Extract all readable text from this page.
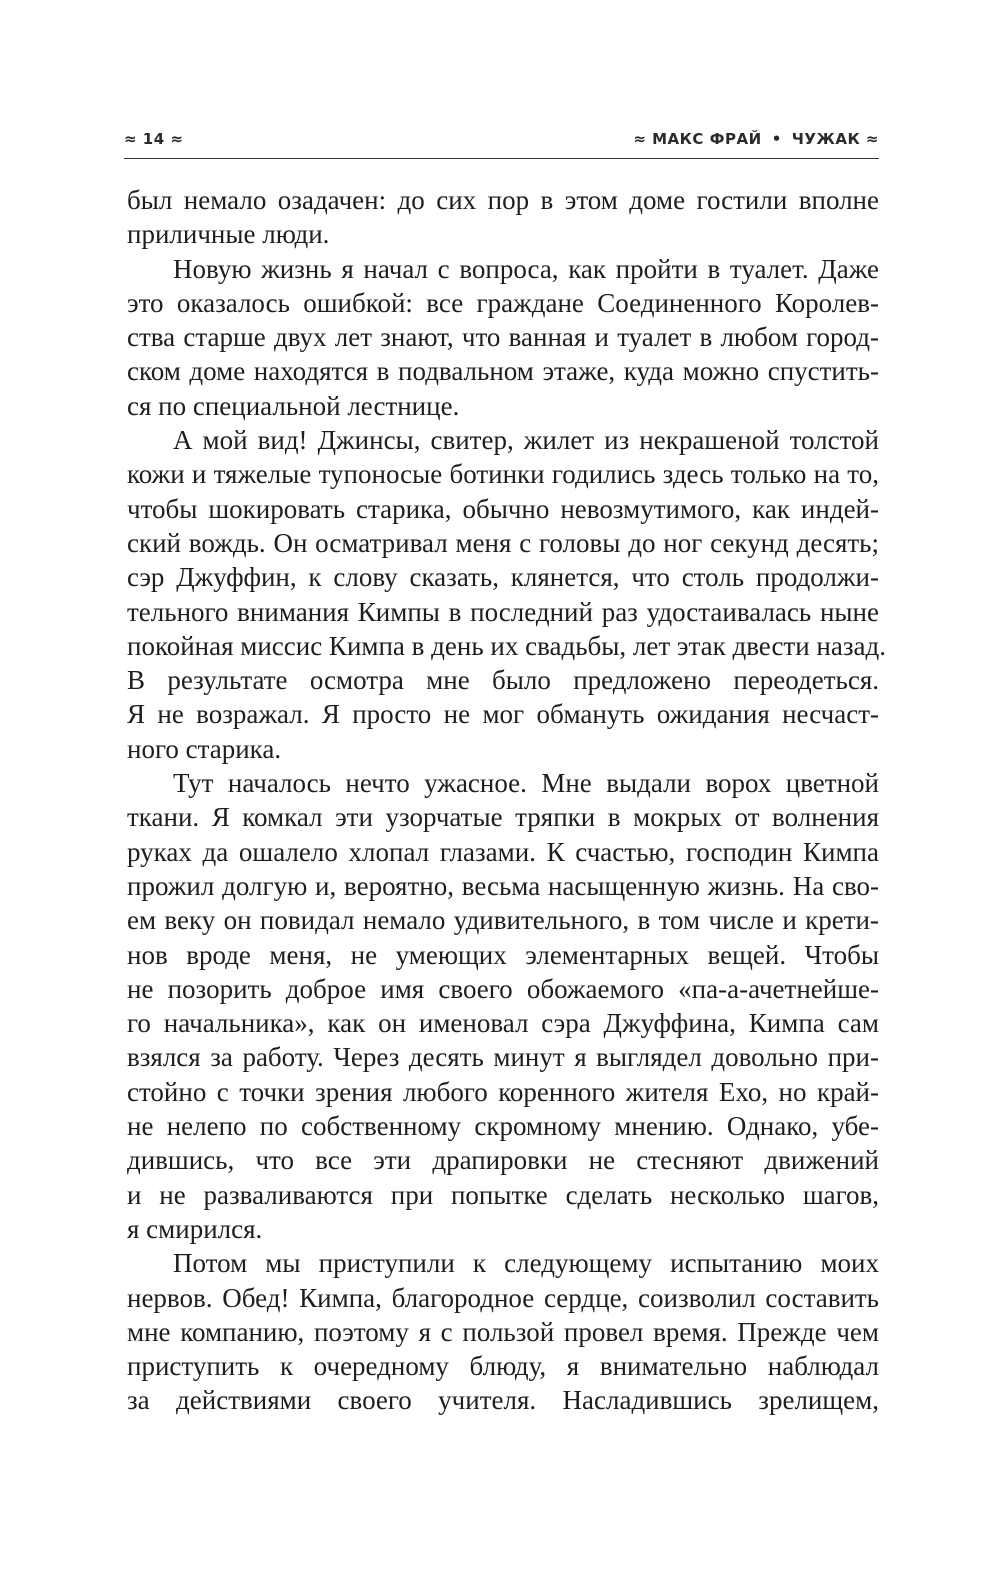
≈ 14 ≈	≈ МАКС ФРАЙ • ЧУЖАК ≈
был немало озадачен: до сих пор в этом доме гостили вполне
приличные люди.
Новую жизнь я начал с вопроса, как пройти в туалет. Даже
это оказалось ошибкой: все граждане Соединенного Королев-
ства старше двух лет знают, что ванная и туалет в любом город-
ском доме находятся в подвальном этаже, куда можно спустить-
ся по специальной лестнице.
А мой вид! Джинсы, свитер, жилет из некрашеной толстой
кожи и тяжелые тупоносые ботинки годились здесь только на то,
чтобы шокировать старика, обычно невозмутимого, как индей-
ский вождь. Он осматривал меня с головы до ног секунд десять;
сэр Джуффин, к слову сказать, клянется, что столь продолжи-
тельного внимания Кимпы в последний раз удостаивалась ныне
покойная миссис Кимпа в день их свадьбы, лет этак двести назад.
В результате осмотра мне было предложено переодеться.
Я не возражал. Я просто не мог обмануть ожидания несчаст-
ного старика.
Тут началось нечто ужасное. Мне выдали ворох цветной
ткани. Я комкал эти узорчатые тряпки в мокрых от волнения
руках да ошалело хлопал глазами. К счастью, господин Кимпа
прожил долгую и, вероятно, весьма насыщенную жизнь. На сво-
ем веку он повидал немало удивительного, в том числе и крети-
нов вроде меня, не умеющих элементарных вещей. Чтобы
не позорить доброе имя своего обожаемого «па-а-ачетнейше-
го начальника», как он именовал сэра Джуффина, Кимпа сам
взялся за работу. Через десять минут я выглядел довольно при-
стойно с точки зрения любого коренного жителя Ехо, но край-
не нелепо по собственному скромному мнению. Однако, убе-
дившись, что все эти драпировки не стесняют движений
и не разваливаются при попытке сделать несколько шагов,
я смирился.
Потом мы приступили к следующему испытанию моих
нервов. Обед! Кимпа, благородное сердце, соизволил составить
мне компанию, поэтому я с пользой провел время. Прежде чем
приступить к очередному блюду, я внимательно наблюдал
за действиями своего учителя. Насладившись зрелищем,
